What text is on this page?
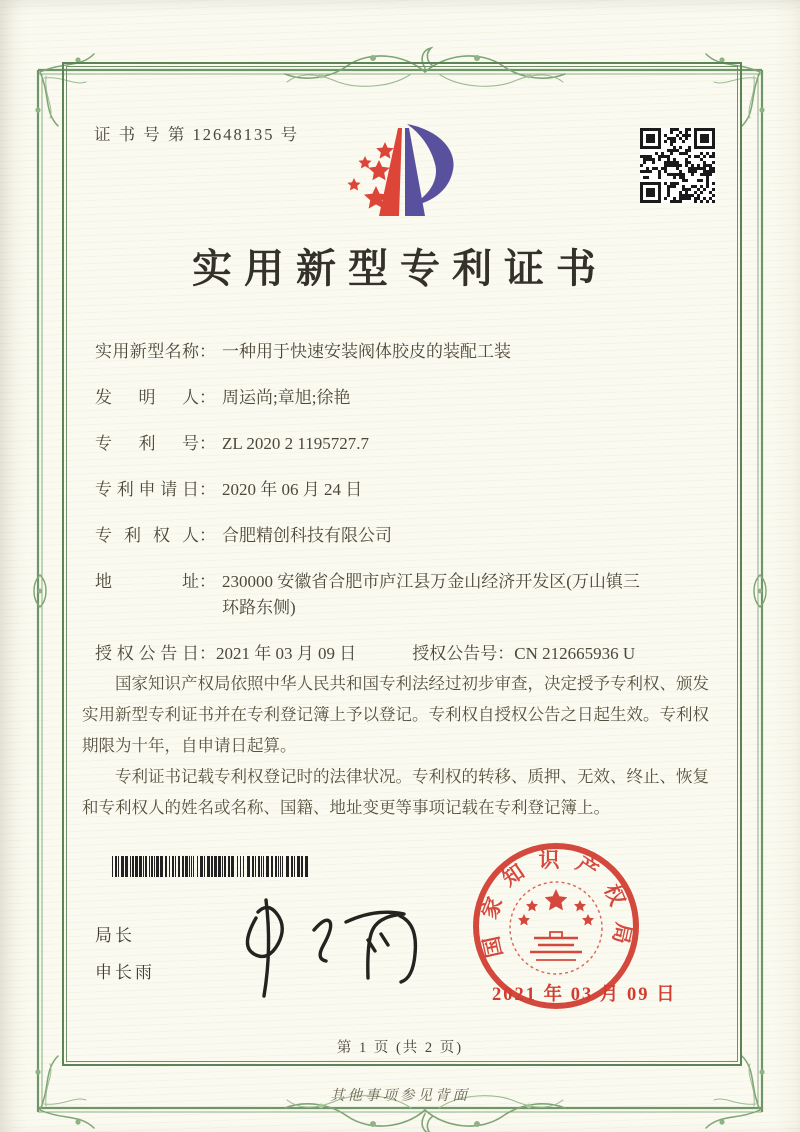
证 书 号 第 12648135 号
实用新型专利证书
实用新型名称： 一种用于快速安装阀体胶皮的装配工装
发明人： 周运尚;章旭;徐艳
专利号： ZL 2020 2 1195727.7
专利申请日： 2020 年 06 月 24 日
专利权人： 合肥精创科技有限公司
地址： 230000 安徽省合肥市庐江县万金山经济开发区(万山镇三环路东侧)
授权公告日：2021 年 03 月 09 日	授权公告号：CN 212665936 U

国家知识产权局依照中华人民共和国专利法经过初步审查，决定授予专利权、颁发实用新型专利证书并在专利登记簿上予以登记。专利权自授权公告之日起生效。专利权期限为十年，自申请日起算。

专利证书记载专利权登记时的法律状况。专利权的转移、质押、无效、终止、恢复和专利权人的姓名或名称、国籍、地址变更等事项记载在专利登记簿上。

局长
申长雨
国家知识产权局
2021 年 03 月 09 日
第 1 页 (共 2 页)
其他事项参见背面
